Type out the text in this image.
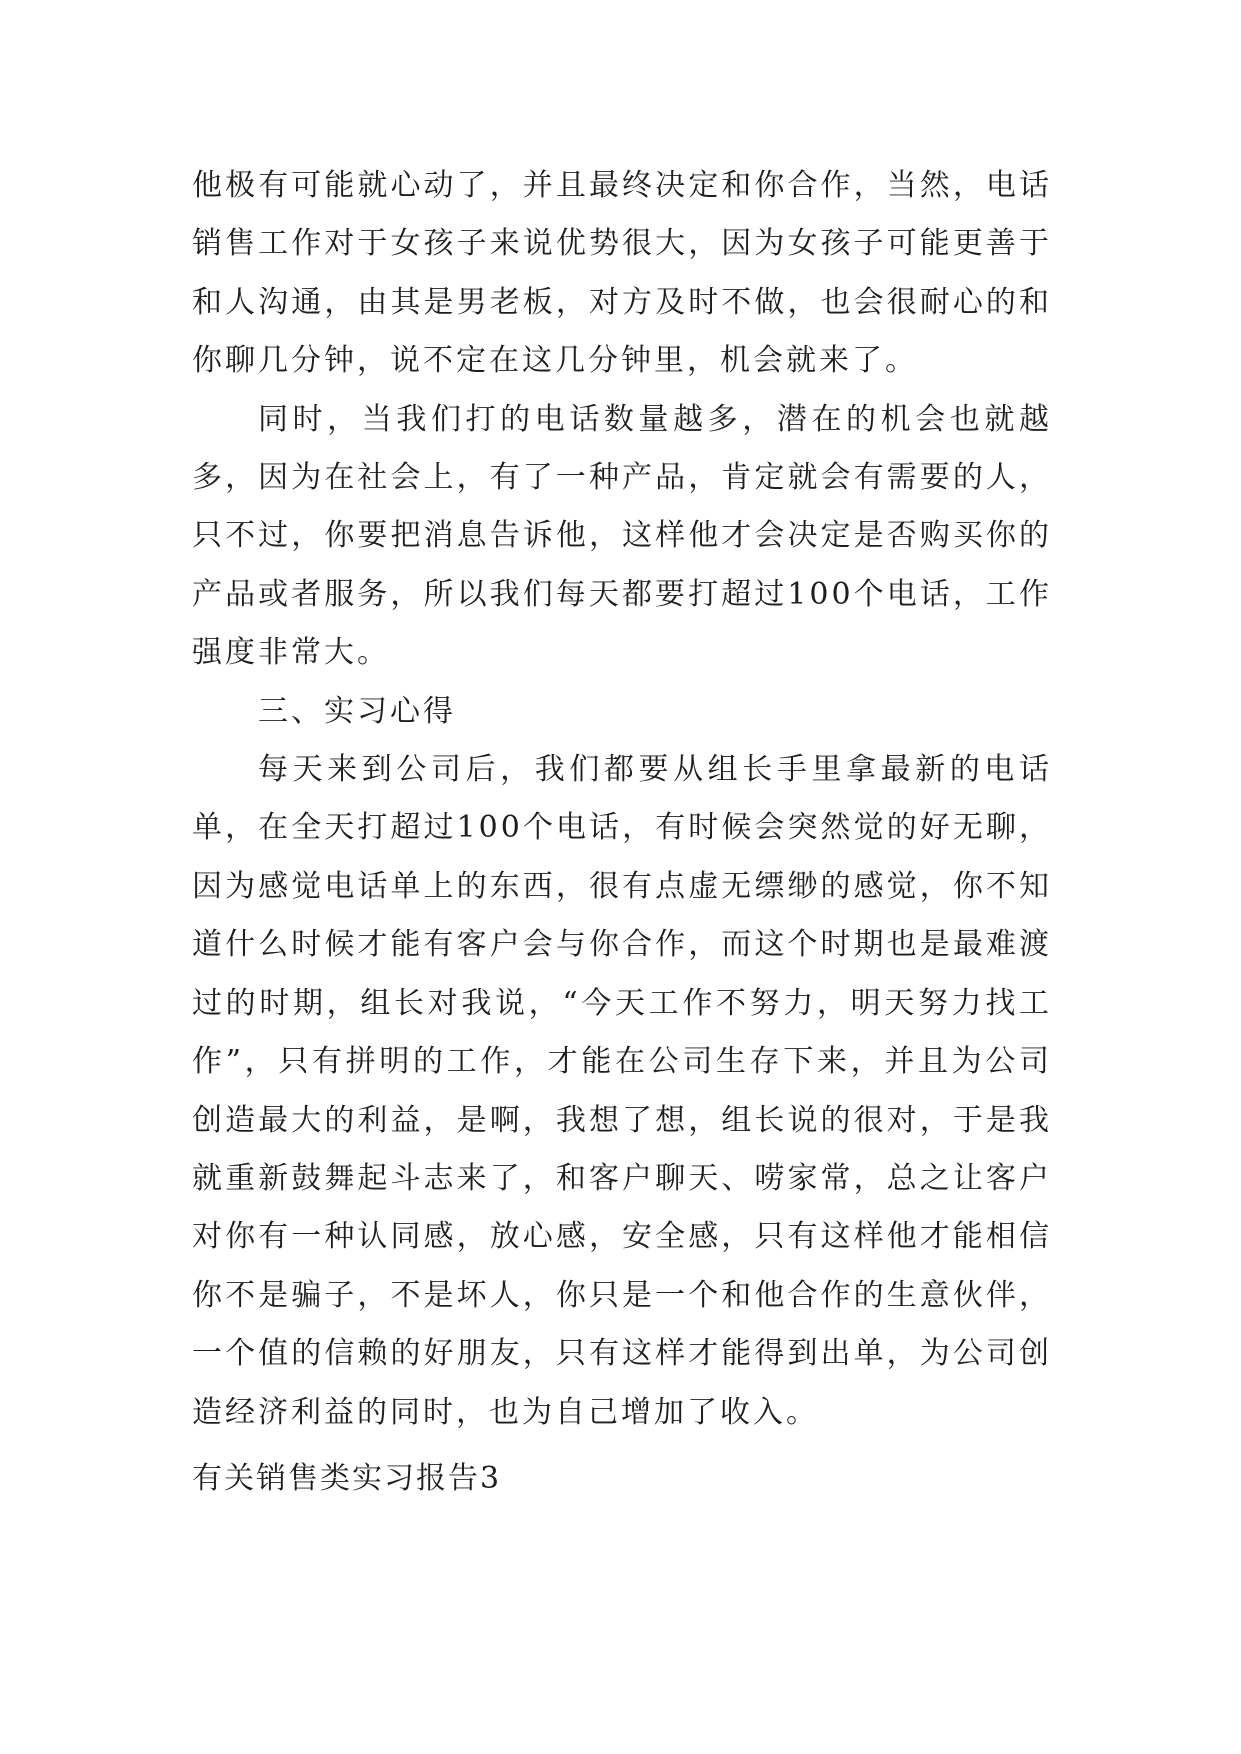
他极有可能就心动了，并且最终决定和你合作，当然，电话销售工作对于女孩子来说优势很大，因为女孩子可能更善于和人沟通，由其是男老板，对方及时不做，也会很耐心的和你聊几分钟，说不定在这几分钟里，机会就来了。

同时，当我们打的电话数量越多，潜在的机会也就越多，因为在社会上，有了一种产品，肯定就会有需要的人，只不过，你要把消息告诉他，这样他才会决定是否购买你的产品或者服务，所以我们每天都要打超过100个电话，工作强度非常大。

三、实习心得

每天来到公司后，我们都要从组长手里拿最新的电话单，在全天打超过100个电话，有时候会突然觉的好无聊，因为感觉电话单上的东西，很有点虚无缥缈的感觉，你不知道什么时候才能有客户会与你合作，而这个时期也是最难渡过的时期，组长对我说，“今天工作不努力，明天努力找工作”，只有拼明的工作，才能在公司生存下来，并且为公司创造最大的利益，是啊，我想了想，组长说的很对，于是我就重新鼓舞起斗志来了，和客户聊天、唠家常，总之让客户对你有一种认同感，放心感，安全感，只有这样他才能相信你不是骗子，不是坏人，你只是一个和他合作的生意伙伴，一个值的信赖的好朋友，只有这样才能得到出单，为公司创造经济利益的同时，也为自己增加了收入。

有关销售类实习报告3
